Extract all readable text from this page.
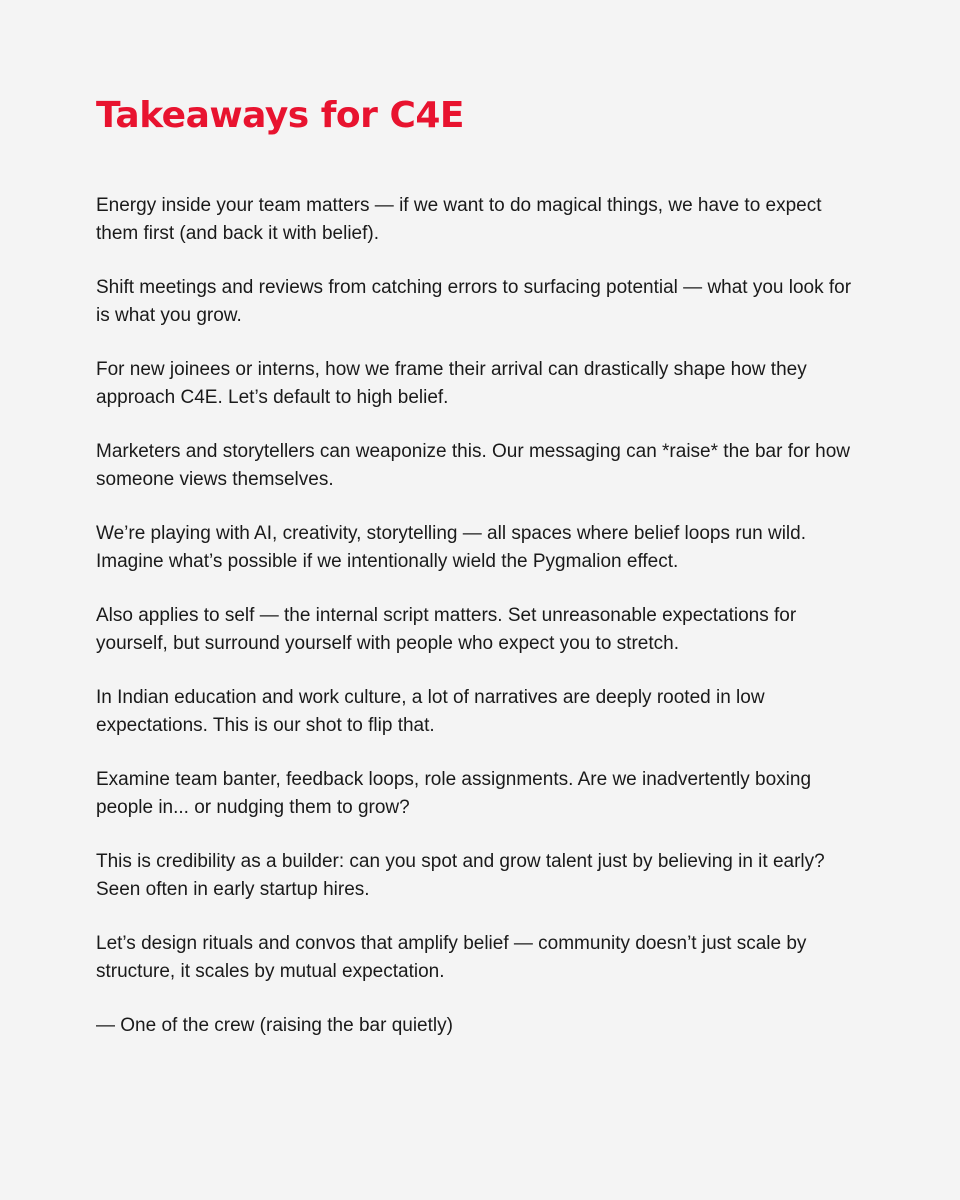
Takeaways for C4E

Energy inside your team matters — if we want to do magical things, we have to expect them first (and back it with belief).

Shift meetings and reviews from catching errors to surfacing potential — what you look for is what you grow.

For new joinees or interns, how we frame their arrival can drastically shape how they approach C4E. Let’s default to high belief.

Marketers and storytellers can weaponize this. Our messaging can *raise* the bar for how someone views themselves.

We’re playing with AI, creativity, storytelling — all spaces where belief loops run wild. Imagine what’s possible if we intentionally wield the Pygmalion effect.

Also applies to self — the internal script matters. Set unreasonable expectations for yourself, but surround yourself with people who expect you to stretch.

In Indian education and work culture, a lot of narratives are deeply rooted in low expectations. This is our shot to flip that.

Examine team banter, feedback loops, role assignments. Are we inadvertently boxing people in... or nudging them to grow?

This is credibility as a builder: can you spot and grow talent just by believing in it early? Seen often in early startup hires.

Let’s design rituals and convos that amplify belief — community doesn’t just scale by structure, it scales by mutual expectation.

— One of the crew (raising the bar quietly)
